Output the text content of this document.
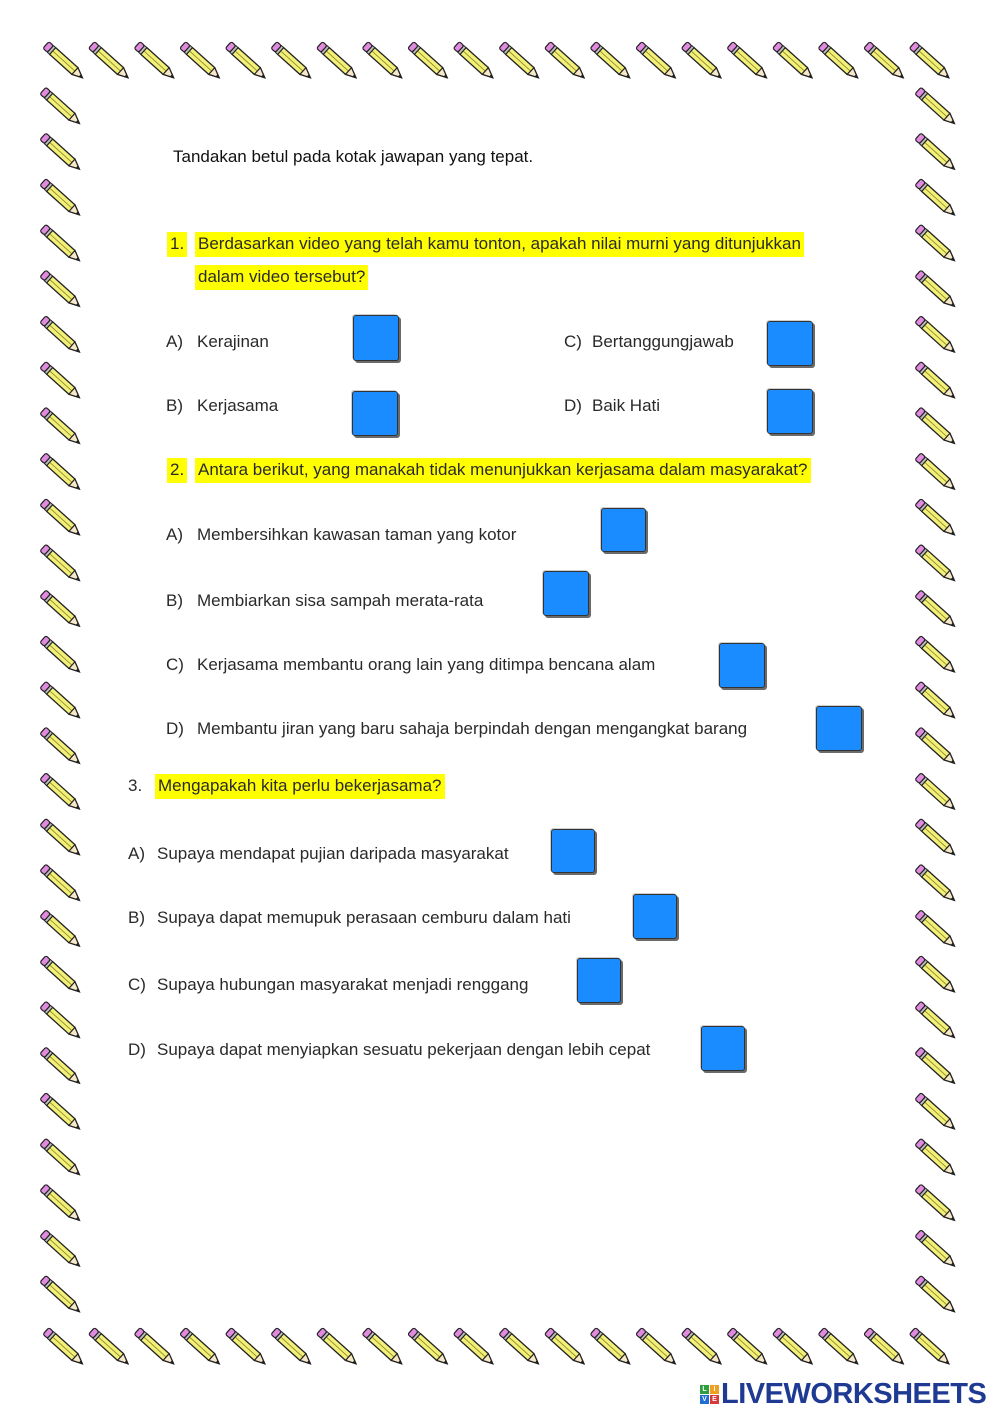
Tandakan betul pada kotak jawapan yang tepat.
1. Berdasarkan video yang telah kamu tonton, apakah nilai murni yang ditunjukkan
dalam video tersebut?
A) Kerajinan	C) Bertanggungjawab
B) Kerjasama	D) Baik Hati
2. Antara berikut, yang manakah tidak menunjukkan kerjasama dalam masyarakat?
A) Membersihkan kawasan taman yang kotor
B) Membiarkan sisa sampah merata-rata
C) Kerjasama membantu orang lain yang ditimpa bencana alam
D) Membantu jiran yang baru sahaja berpindah dengan mengangkat barang
3. Mengapakah kita perlu bekerjasama?
A) Supaya mendapat pujian daripada masyarakat
B) Supaya dapat memupuk perasaan cemburu dalam hati
C) Supaya hubungan masyarakat menjadi renggang
D) Supaya dapat menyiapkan sesuatu pekerjaan dengan lebih cepat
L I
V E LIVEWORKSHEETS
